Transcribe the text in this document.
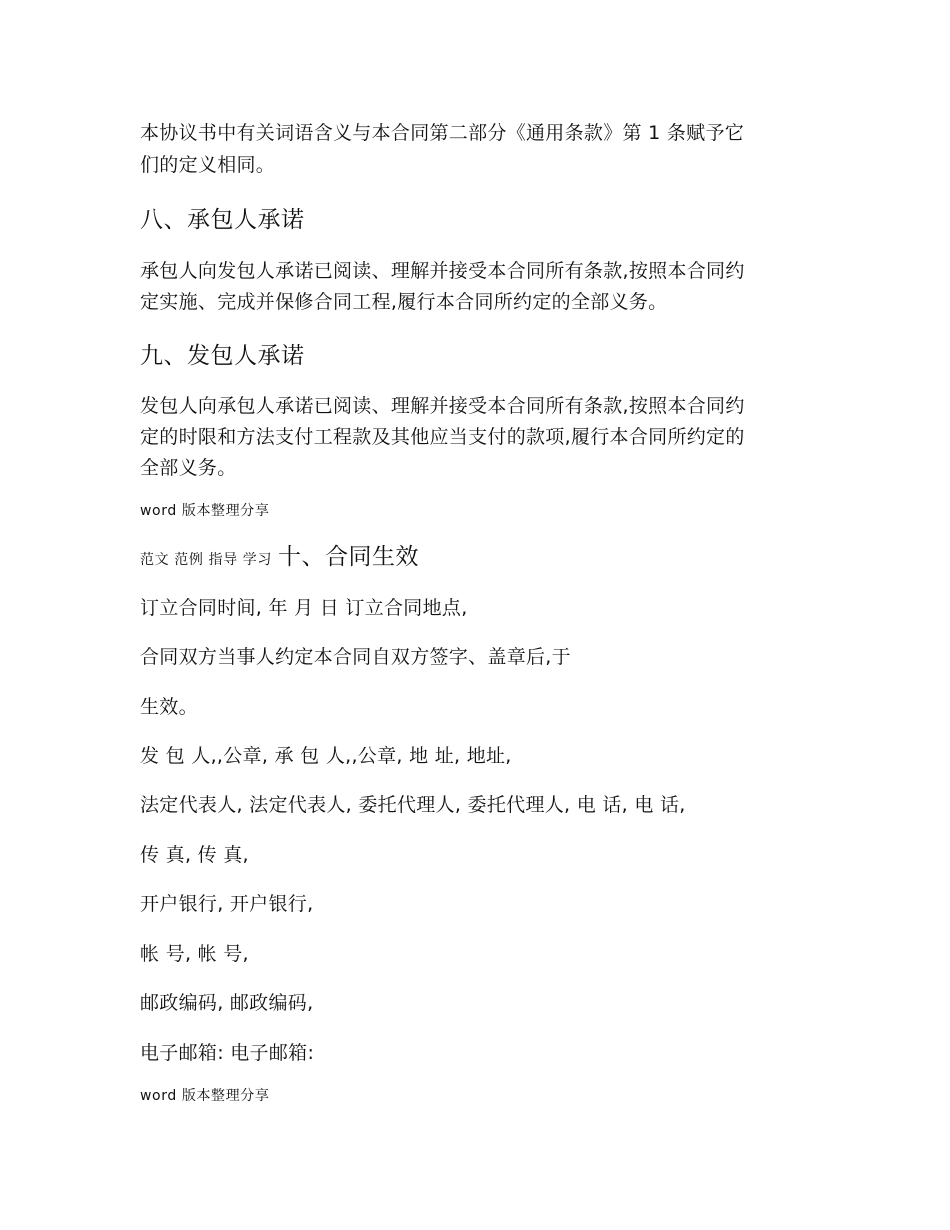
本协议书中有关词语含义与本合同第二部分《通用条款》第 1 条赋予它
们的定义相同。
八、承包人承诺
承包人向发包人承诺已阅读、理解并接受本合同所有条款,按照本合同约
定实施、完成并保修合同工程,履行本合同所约定的全部义务。
九、发包人承诺
发包人向承包人承诺已阅读、理解并接受本合同所有条款,按照本合同约
定的时限和方法支付工程款及其他应当支付的款项,履行本合同所约定的
全部义务。
word 版本整理分享
范文 范例 指导 学习 十、合同生效
订立合同时间, 年 月 日 订立合同地点,
合同双方当事人约定本合同自双方签字、盖章后,于
生效。
发 包 人,,公章, 承 包 人,,公章, 地 址, 地址,
法定代表人, 法定代表人, 委托代理人, 委托代理人, 电 话, 电 话,
传 真, 传 真,
开户银行, 开户银行,
帐 号, 帐 号,
邮政编码, 邮政编码,
电子邮箱: 电子邮箱:
word 版本整理分享
